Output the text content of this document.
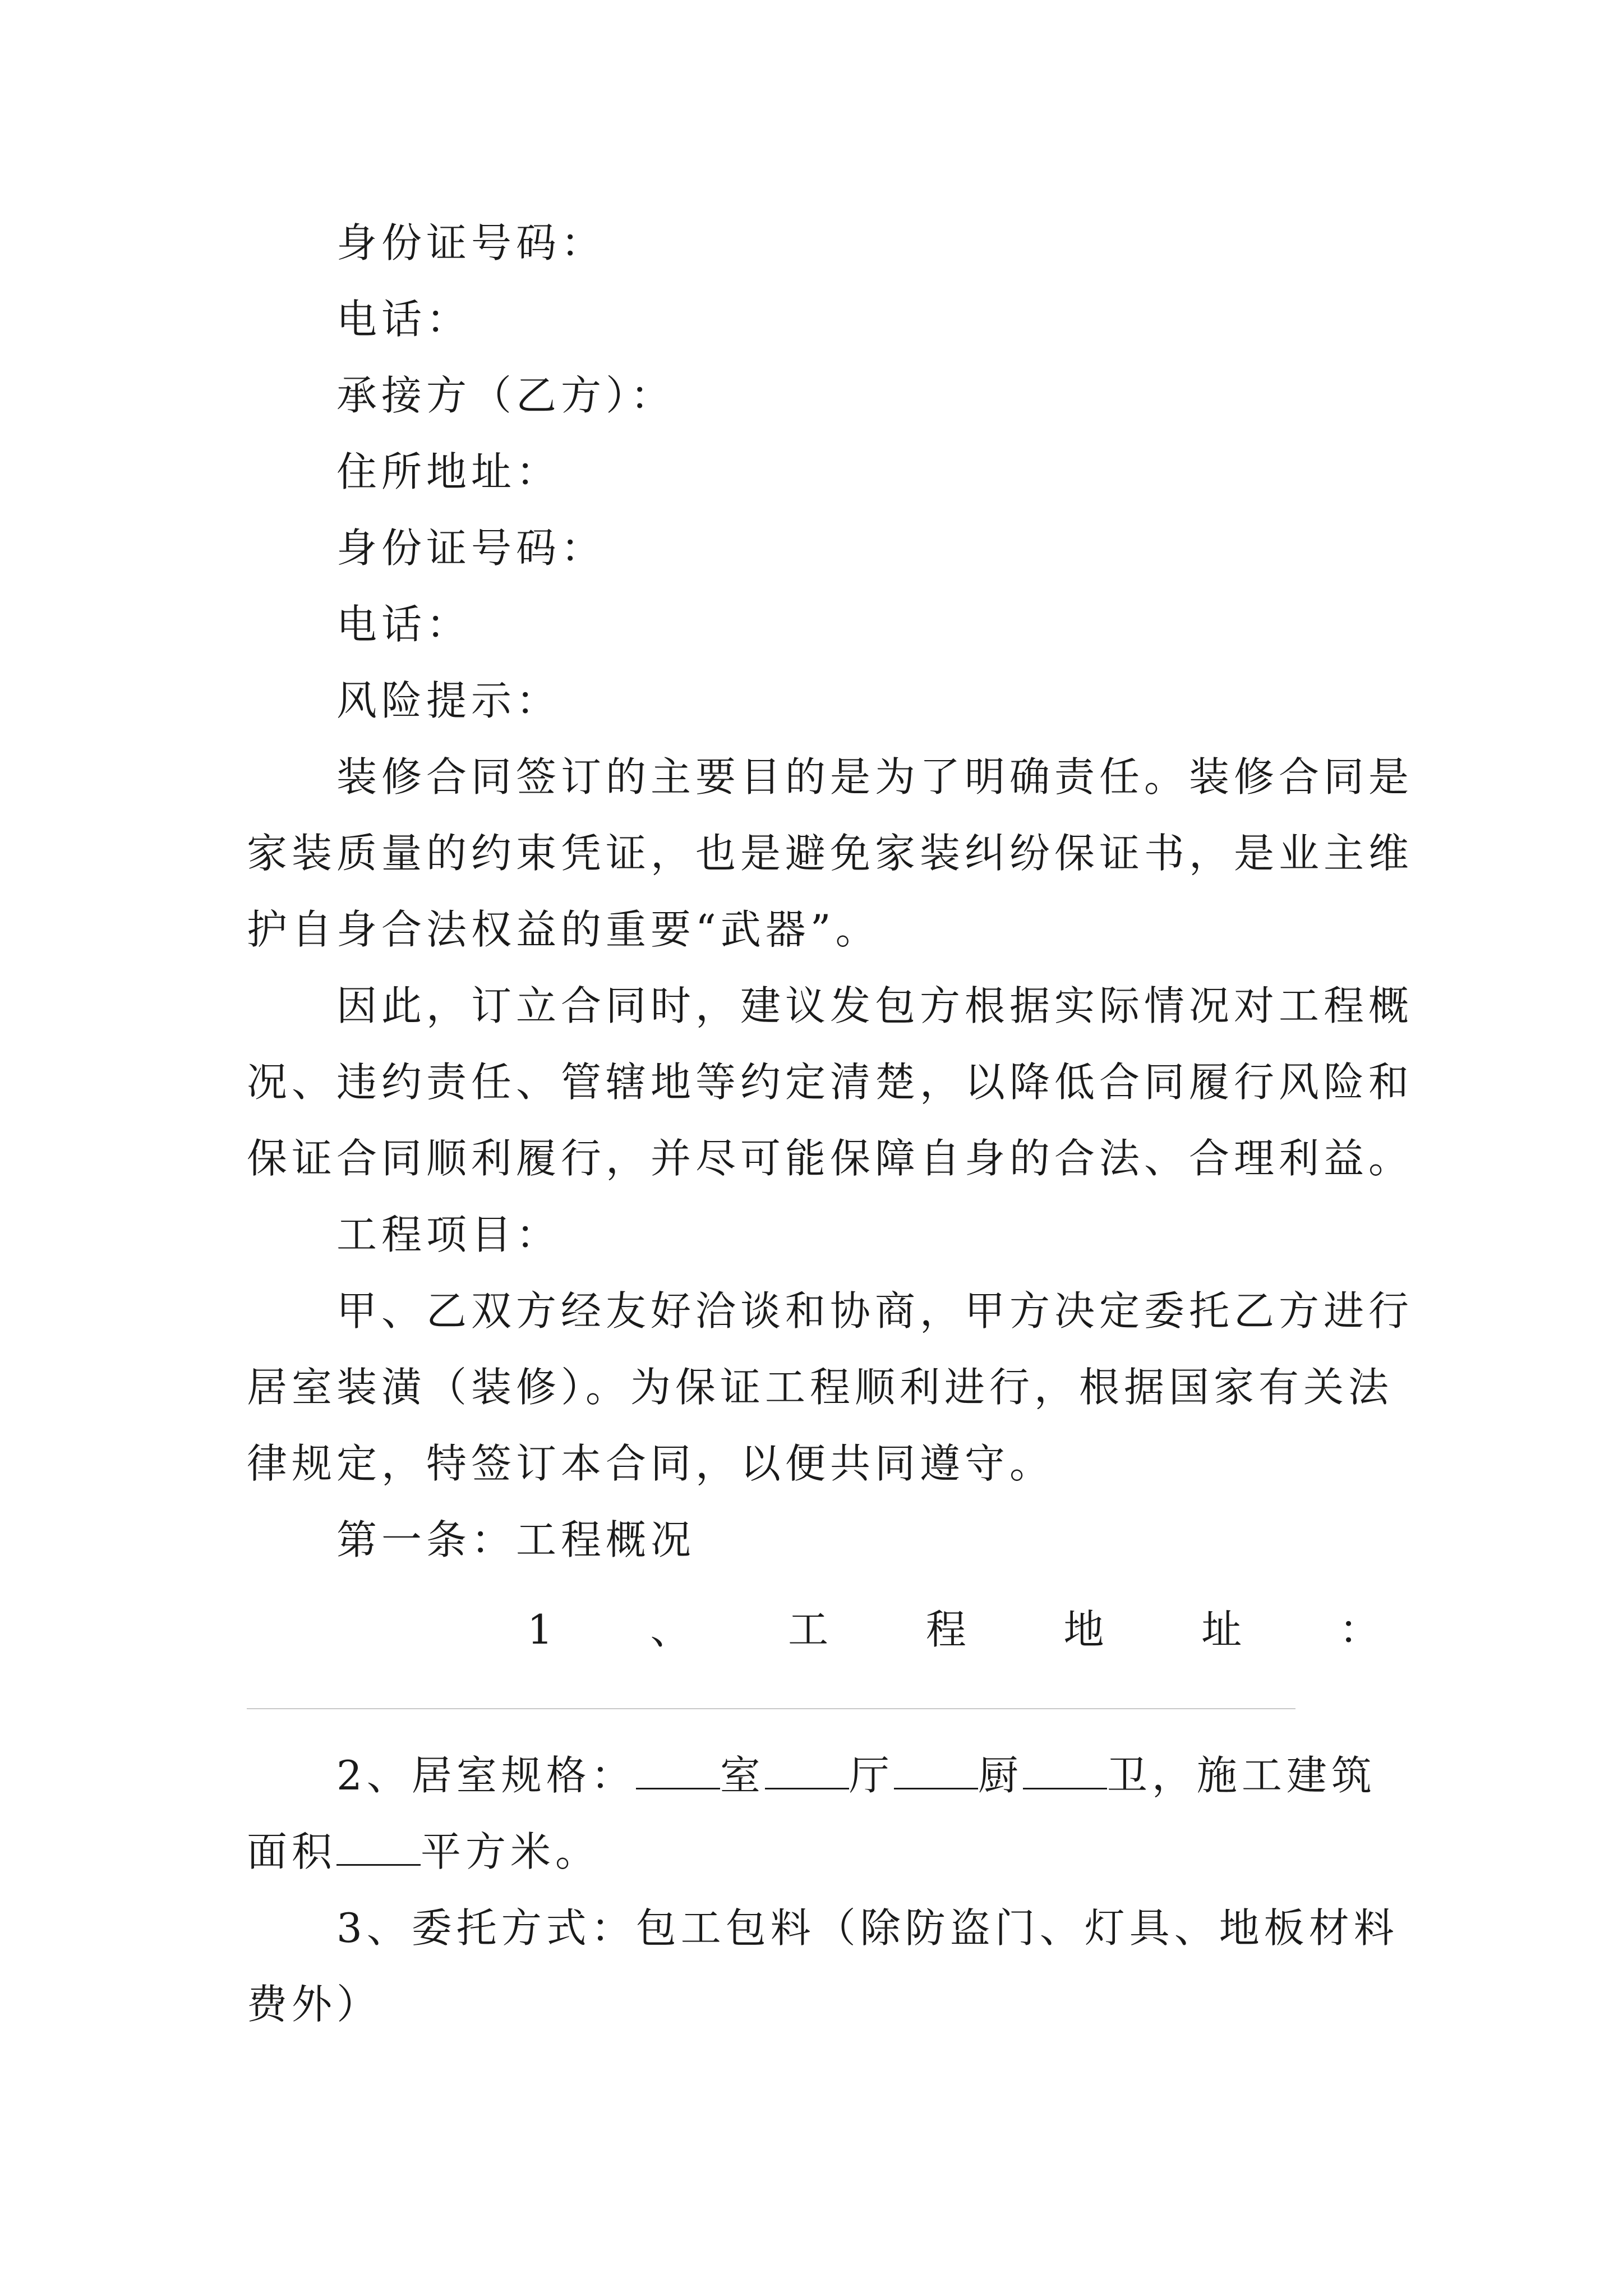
身份证号码：
电话：
承接方（乙方）：
住所地址：
身份证号码：
电话：
风险提示：
装修合同签订的主要目的是为了明确责任。装修合同是
家装质量的约束凭证，也是避免家装纠纷保证书，是业主维
护自身合法权益的重要“武器”。
因此，订立合同时，建议发包方根据实际情况对工程概
况、违约责任、管辖地等约定清楚，以降低合同履行风险和
保证合同顺利履行，并尽可能保障自身的合法、合理利益。
工程项目：
甲、乙双方经友好洽谈和协商，甲方决定委托乙方进行
居室装潢（装修）。为保证工程顺利进行，根据国家有关法
律规定，特签订本合同，以便共同遵守。
第一条：工程概况
1 、 工 程 地 址 ：
2、居室规格： 室 厅 厨 卫，施工建筑
面积 平方米。
3、委托方式：包工包料（除防盗门、灯具、地板材料
费外）
